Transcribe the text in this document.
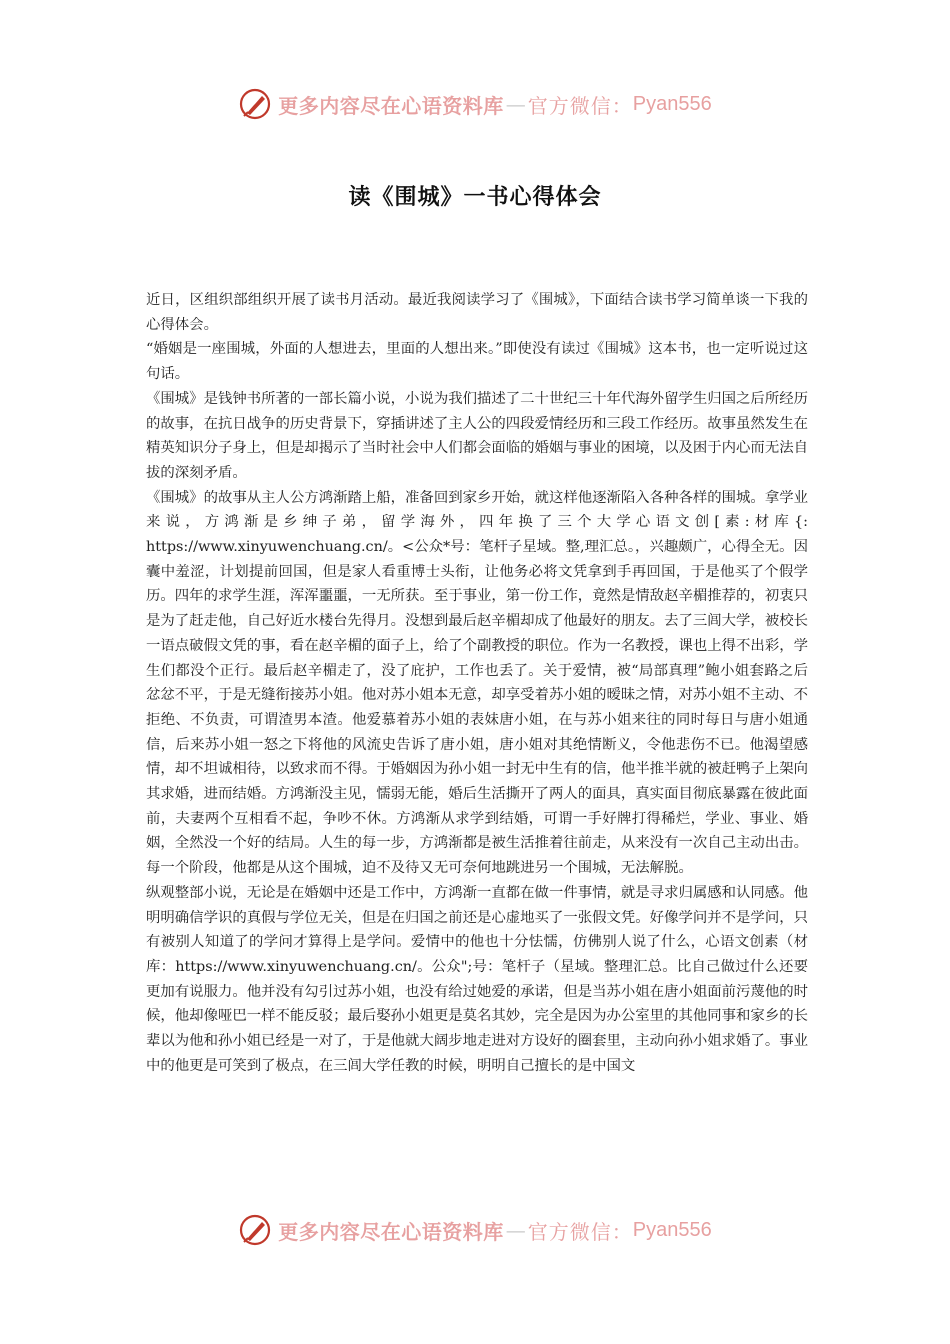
更多内容尽在心语资料库 — 官方微信： Pyan556
读《围城》一书心得体会

近日，区组织部组织开展了读书月活动。最近我阅读学习了《围城》，下面结合读书学习简单谈一下我的心得体会。

“婚姻是一座围城，外面的人想进去，里面的人想出来。”即使没有读过《围城》这本书，也一定听说过这句话。

《围城》是钱钟书所著的一部长篇小说，小说为我们描述了二十世纪三十年代海外留学生归国之后所经历的故事，在抗日战争的历史背景下，穿插讲述了主人公的四段爱情经历和三段工作经历。故事虽然发生在精英知识分子身上，但是却揭示了当时社会中人们都会面临的婚姻与事业的困境，以及困于内心而无法自拔的深刻矛盾。

《围城》的故事从主人公方鸿渐踏上船，准备回到家乡开始，就这样他逐渐陷入各种各样的围城。拿学业来说，方鸿渐是乡绅子弟，留学海外，四年换了三个大学心语文创[素:材库{: https://www.xinyuwenchuang.cn/。<公众*号：笔杆子星域。整,理汇总。，兴趣颇广，心得全无。因囊中羞涩，计划提前回国，但是家人看重博士头衔，让他务必将文凭拿到手再回国，于是他买了个假学历。四年的求学生涯，浑浑噩噩，一无所获。至于事业，第一份工作，竟然是情敌赵辛楣推荐的，初衷只是为了赶走他，自己好近水楼台先得月。没想到最后赵辛楣却成了他最好的朋友。去了三闾大学，被校长一语点破假文凭的事，看在赵辛楣的面子上，给了个副教授的职位。作为一名教授，课也上得不出彩，学生们都没个正行。最后赵辛楣走了，没了庇护，工作也丢了。关于爱情，被“局部真理”鲍小姐套路之后忿忿不平，于是无缝衔接苏小姐。他对苏小姐本无意，却享受着苏小姐的暧昧之情，对苏小姐不主动、不拒绝、不负责，可谓渣男本渣。他爱慕着苏小姐的表妹唐小姐，在与苏小姐来往的同时每日与唐小姐通信，后来苏小姐一怒之下将他的风流史告诉了唐小姐，唐小姐对其绝情断义，令他悲伤不已。他渴望感情，却不坦诚相待，以致求而不得。于婚姻因为孙小姐一封无中生有的信，他半推半就的被赶鸭子上架向其求婚，进而结婚。方鸿渐没主见，懦弱无能，婚后生活撕开了两人的面具，真实面目彻底暴露在彼此面前，夫妻两个互相看不起，争吵不休。方鸿渐从求学到结婚，可谓一手好牌打得稀烂，学业、事业、婚姻，全然没一个好的结局。人生的每一步，方鸿渐都是被生活推着往前走，从来没有一次自己主动出击。每一个阶段，他都是从这个围城，迫不及待又无可奈何地跳进另一个围城，无法解脱。

纵观整部小说，无论是在婚姻中还是工作中，方鸿渐一直都在做一件事情，就是寻求归属感和认同感。他明明确信学识的真假与学位无关，但是在归国之前还是心虚地买了一张假文凭。好像学问并不是学问，只有被别人知道了的学问才算得上是学问。爱情中的他也十分怯懦，仿佛别人说了什么，心语文创素（材库：https://www.xinyuwenchuang.cn/。公众";号：笔杆子（星域。整理汇总。比自己做过什么还要更加有说服力。他并没有勾引过苏小姐，也没有给过她爱的承诺，但是当苏小姐在唐小姐面前污蔑他的时候，他却像哑巴一样不能反驳；最后娶孙小姐更是莫名其妙，完全是因为办公室里的其他同事和家乡的长辈以为他和孙小姐已经是一对了，于是他就大阔步地走进对方设好的圈套里，主动向孙小姐求婚了。事业中的他更是可笑到了极点，在三闾大学任教的时候，明明自己擅长的是中国文

更多内容尽在心语资料库 — 官方微信： Pyan556
